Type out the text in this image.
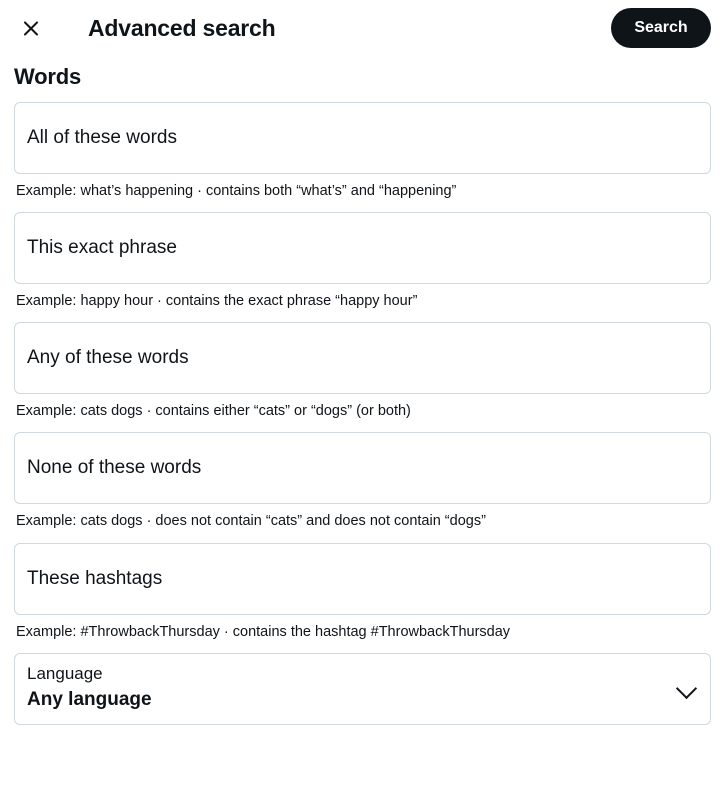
Advanced search	Search
Words
All of these words
Example: what’s happening · contains both “what’s” and “happening”
This exact phrase
Example: happy hour · contains the exact phrase “happy hour”
Any of these words
Example: cats dogs · contains either “cats” or “dogs” (or both)
None of these words
Example: cats dogs · does not contain “cats” and does not contain “dogs”
These hashtags
Example: #ThrowbackThursday · contains the hashtag #ThrowbackThursday
Language
Any language
